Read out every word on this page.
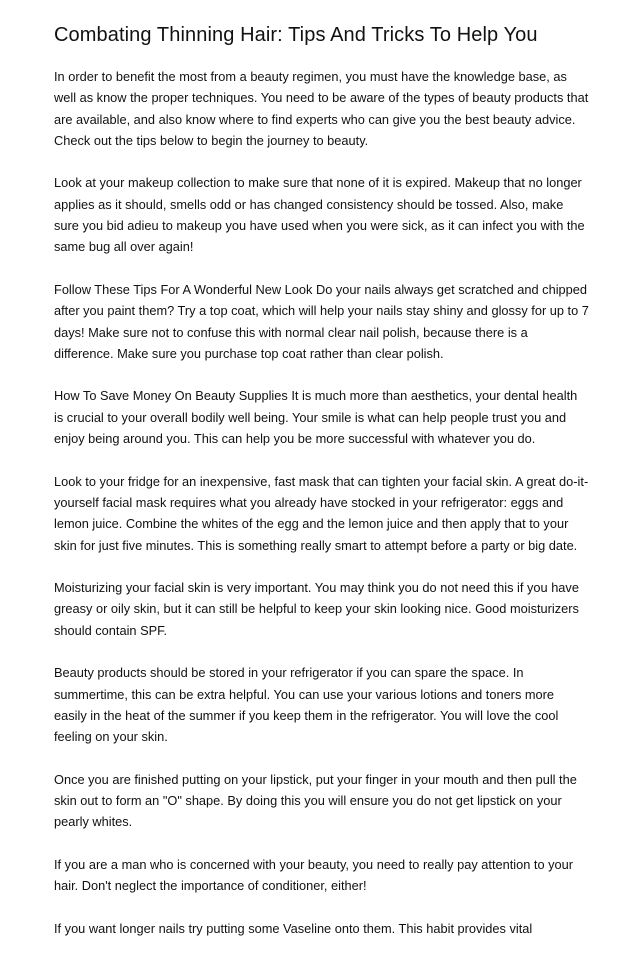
Combating Thinning Hair: Tips And Tricks To Help You

In order to benefit the most from a beauty regimen, you must have the knowledge base, as well as know the proper techniques. You need to be aware of the types of beauty products that are available, and also know where to find experts who can give you the best beauty advice. Check out the tips below to begin the journey to beauty.

Look at your makeup collection to make sure that none of it is expired. Makeup that no longer applies as it should, smells odd or has changed consistency should be tossed. Also, make sure you bid adieu to makeup you have used when you were sick, as it can infect you with the same bug all over again!

Follow These Tips For A Wonderful New Look Do your nails always get scratched and chipped after you paint them? Try a top coat, which will help your nails stay shiny and glossy for up to 7 days! Make sure not to confuse this with normal clear nail polish, because there is a difference. Make sure you purchase top coat rather than clear polish.

How To Save Money On Beauty Supplies It is much more than aesthetics, your dental health is crucial to your overall bodily well being. Your smile is what can help people trust you and enjoy being around you. This can help you be more successful with whatever you do.

Look to your fridge for an inexpensive, fast mask that can tighten your facial skin. A great do-it-yourself facial mask requires what you already have stocked in your refrigerator: eggs and lemon juice. Combine the whites of the egg and the lemon juice and then apply that to your skin for just five minutes. This is something really smart to attempt before a party or big date.

Moisturizing your facial skin is very important. You may think you do not need this if you have greasy or oily skin, but it can still be helpful to keep your skin looking nice. Good moisturizers should contain SPF.

Beauty products should be stored in your refrigerator if you can spare the space. In summertime, this can be extra helpful. You can use your various lotions and toners more easily in the heat of the summer if you keep them in the refrigerator. You will love the cool feeling on your skin.

Once you are finished putting on your lipstick, put your finger in your mouth and then pull the skin out to form an "O" shape. By doing this you will ensure you do not get lipstick on your pearly whites.

If you are a man who is concerned with your beauty, you need to really pay attention to your hair. Don't neglect the importance of conditioner, either!

If you want longer nails try putting some Vaseline onto them. This habit provides vital
